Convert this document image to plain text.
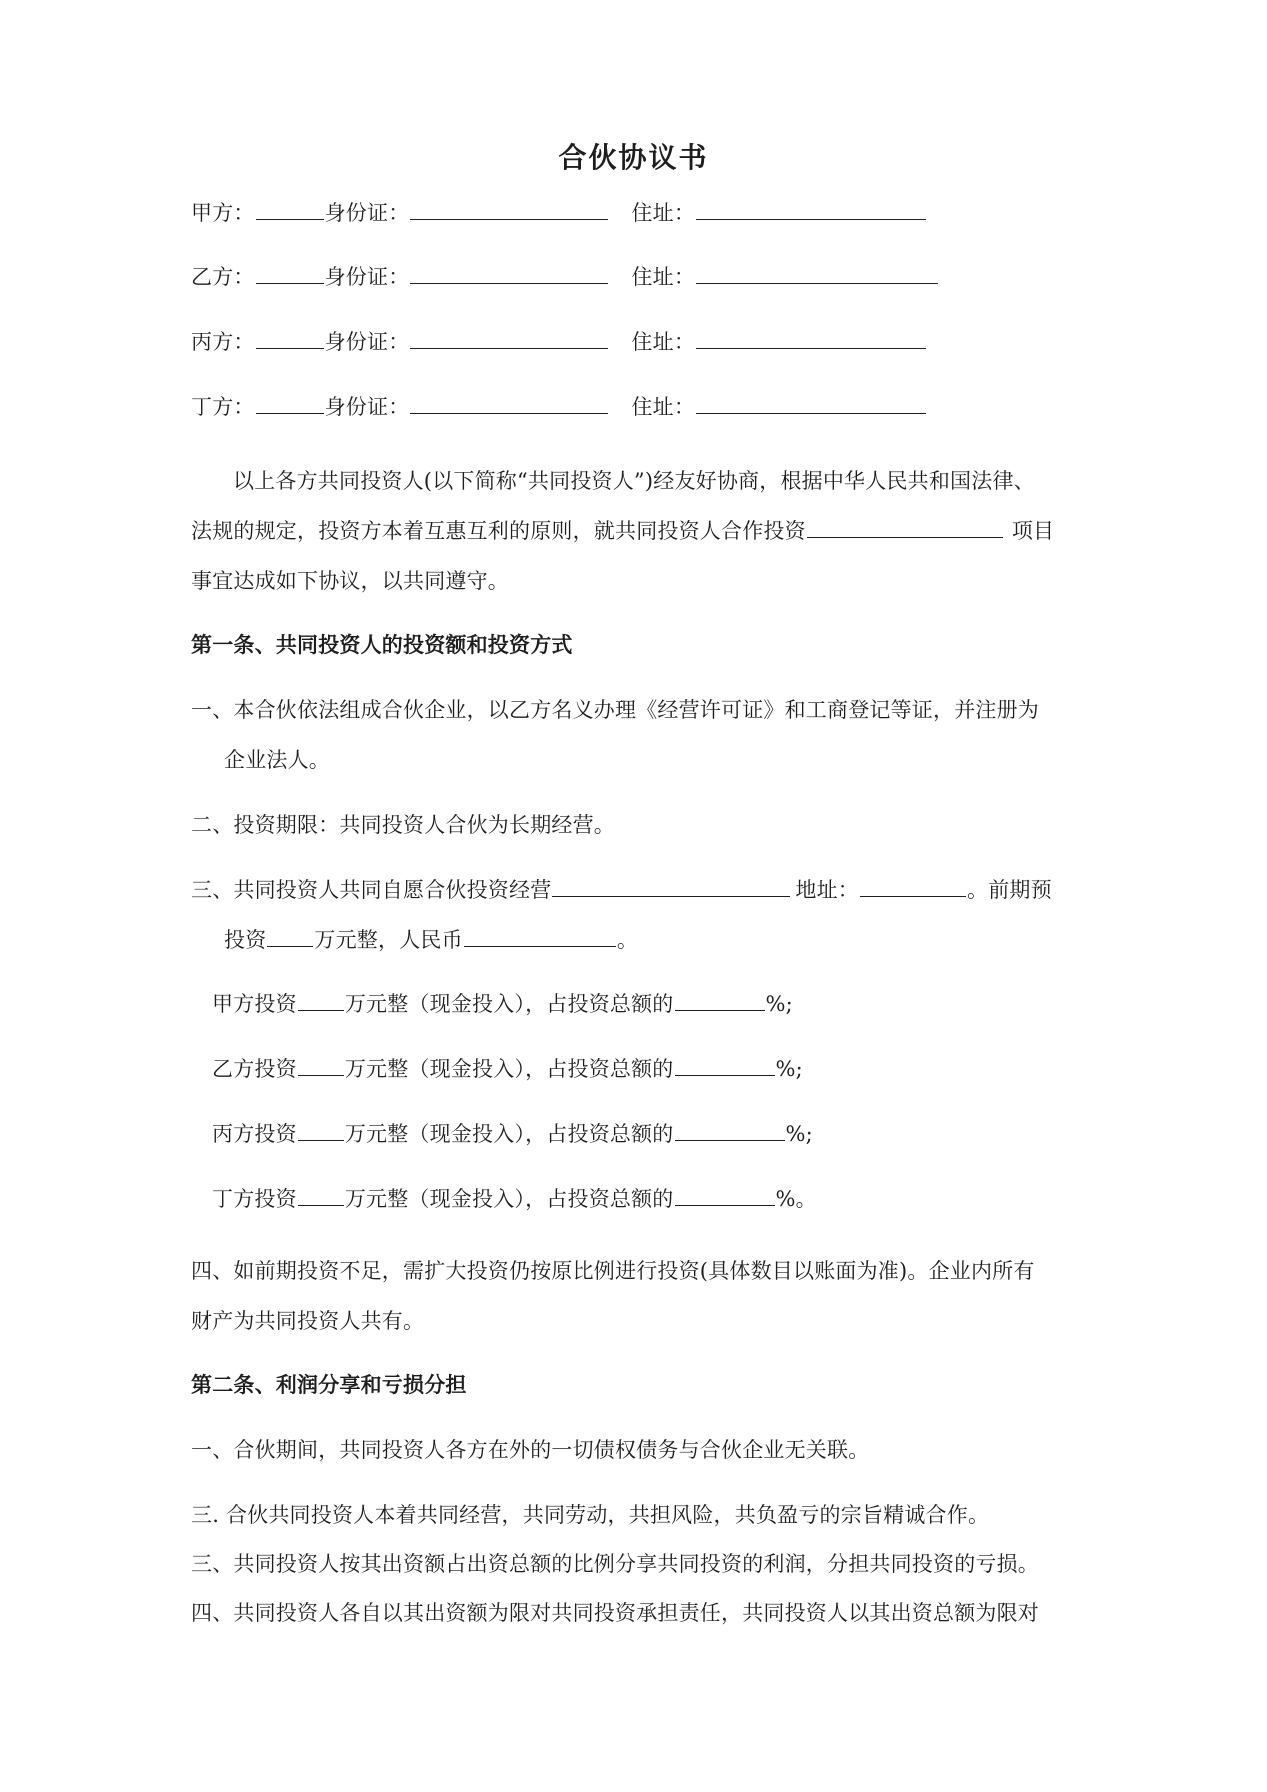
合伙协议书
甲方：	身份证：	住址：
乙方：	身份证：	住址：
丙方：	身份证：	住址：
丁方：	身份证：	住址：
以上各方共同投资人(以下简称“共同投资人”)经友好协商，根据中华人民共和国法律、
法规的规定，投资方本着互惠互利的原则，就共同投资人合作投资	项目
事宜达成如下协议，以共同遵守。
第一条、共同投资人的投资额和投资方式
一、本合伙依法组成合伙企业，以乙方名义办理《经营许可证》和工商登记等证，并注册为
企业法人。
二、投资期限：共同投资人合伙为长期经营。
三、共同投资人共同自愿合伙投资经营	地址：	。前期预
投资 万元整，人民币	。
甲方投资 万元整（现金投入），占投资总额的	%;
乙方投资 万元整（现金投入），占投资总额的	%;
丙方投资 万元整（现金投入），占投资总额的	%;
丁方投资 万元整（现金投入），占投资总额的	%。
四、如前期投资不足，需扩大投资仍按原比例进行投资(具体数目以账面为准)。企业内所有
财产为共同投资人共有。
第二条、利润分享和亏损分担
一、合伙期间，共同投资人各方在外的一切债权债务与合伙企业无关联。
三. 合伙共同投资人本着共同经营，共同劳动，共担风险，共负盈亏的宗旨精诚合作。
三、共同投资人按其出资额占出资总额的比例分享共同投资的利润，分担共同投资的亏损。
四、共同投资人各自以其出资额为限对共同投资承担责任，共同投资人以其出资总额为限对
